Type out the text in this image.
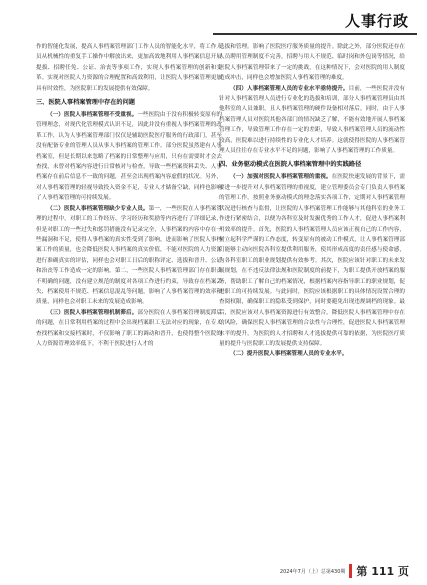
人事行政

作的智能化发展，提高人事档案管理部门工作人员的智能化水平，将工作人员从机械性的重复手工操作中解放出来，更加高效地利用人事档案信息开展提拔、招聘任免、公证、治丧等事项工作，实现人事档案管理的创新和变革。实现对医院人力资源的合理配置和高效利用，让医院人事档案管理更加具有时效性，为医院职工的发展提供有效保障。

三、医院人事档案管理中存在的问题

（一）医院人事档案管理不受重视。一些医院由于没有积极转变原有的管理理念，对现代化管理模式认识不足，因此并没有重视人事档案管理的改革工作，认为人事档案管理部门仅仅是辅助医院医疗服务的行政部门，甚至没有配备专业的管理人员从事人事档案的管理工作。部分医院虽然建有人事档案室，但是长期以来忽略了档案的日常整理与应用，只有在需要时才会去查找，未曾对档案内容进行日常核对与检查，导致一些档案资料丢失、人事档案存在前后信息不一致的问题，甚至会出现档案内容虚假的状况。另外，对人事档案管理的轻视导致投入资金不足，专业人才储备空缺，同样也影响了人事档案管理的可持续发展。

（二）医院人事档案管理缺少专业人员。第一，一些医院在人事档案管理的过程中，对职工的工作经历、学习经历和奖励等内容进行了详细记录，但是对职工的一些过失和惩罚措施没有记录完全，人事档案的内容中存在一些漏洞和不足，使得人事档案的真实性受到了影响，进而影响了医院人事档案工作的质量，也会降低医院人事档案的真实价值，不能对医院的人力资源进行准确真实的评估，同样也会对职工日后的职称评定、选拔和晋升、公证和治丧等工作造成一定的影响。第二，一些医院人事档案管理部门存在职责不明确的问题，没有建立规范的制度对各项工作进行约束，导致存在档案丢失、档案使用不规范、档案信息混乱等问题，影响了人事档案管理的效率和质量，同样也会对职工未来的发展造成影响。

（三）医院人事档案管理机制滞后。部分医院在人事档案管理制度滞后的问题，在日常利用档案的过程中会出现档案职工无法对应的现象，在专人查找档案和交接档案时，不仅影响了职工的调动和晋升，也使得整个医院的人力资源管理效率低下，不利于医院进行人才的

选拔和管理。影响了医院医疗服务质量的提升。除此之外，部分医院还存在人员聘用管理制度不完善，招聘与用人不规范、临时岗和外包岗等情况，给医院人事档案管理带来了一定的挑战，在这种情况下，会对医院的用人制度造成冲击，同样也会增加医院人事档案管理的难度。

（四）人事档案管理人员的专业水平亟待提升。目前，一些医院并没有针对人事档案管理人员进行专业化的选拔和培训，部分人事档案管理员由其他科室的人员兼职，且人事档案管理的硬件设备相对落后。同时，由于人事档案管理人员对医院其他各部门的情况缺乏了解，不能有效地开展人事档案管理工作，导致管理工作存在一定的差距，导致人事档案管理人员的流动性较高，医院难以进行持续性的专业化人才培养。这就使得医院的人事档案管理人员往往存在专业水平不足的问题，影响了人事档案管理的工作质量。

四、业务驱动模式在医院人事档案管理中的实践路径

（一）加强对医院人事档案管理的重视。在医院快速发展的背景下，需要进一步提升对人事档案管理的重视度，建立管理委员会专门负责人事档案的管理工作，按照业务驱动模式的理念落实各项工作，定期对人事档案管理状况进行核查与监督，让医院的人事档案管理工作能够与其他科室的业务工作进行紧密结合，以便为各科室及时发掘优秀的工作人才，促进人事档案利用效率的提升。首先，医院的人事档案管理人员应该正视自己的工作内容，树立起科学严谨的工作态度，转变原有的被动工作模式，让人事档案管理部门能够主动向医院各科室提供利用服务，使其形成高度的责任感与使命感，为各科室职工的职业规划提供有效参考。其次，医院应该针对职工的未来发展规划，在不违反法律法规和医院制度的前提下，为职工提供开放档案的服务，帮助职工了解自己的档案情况，根据档案内容指导职工的职业规划，促进职工的可持续发展。与此同时，医院应该根据职工的具体情况设置合理的查阅权限，确保职工的隐私受到保护，同时要避免出现违规调档的现象。最后，医院应该对人事档案资源进行有效整合，降低医院人事档案管理中存在的风险，确保医院人事档案管理的合法性与合理性，促进医院人事档案管理水平的提升，为医院的人才招聘和人才选拔提供可靠的依据，为医院医疗质量的提升与医院职工的发展提供支持保障。

（二）提升医院人事档案管理人员的专业水平。

2024年7月（上）总第430期 第 111 页
